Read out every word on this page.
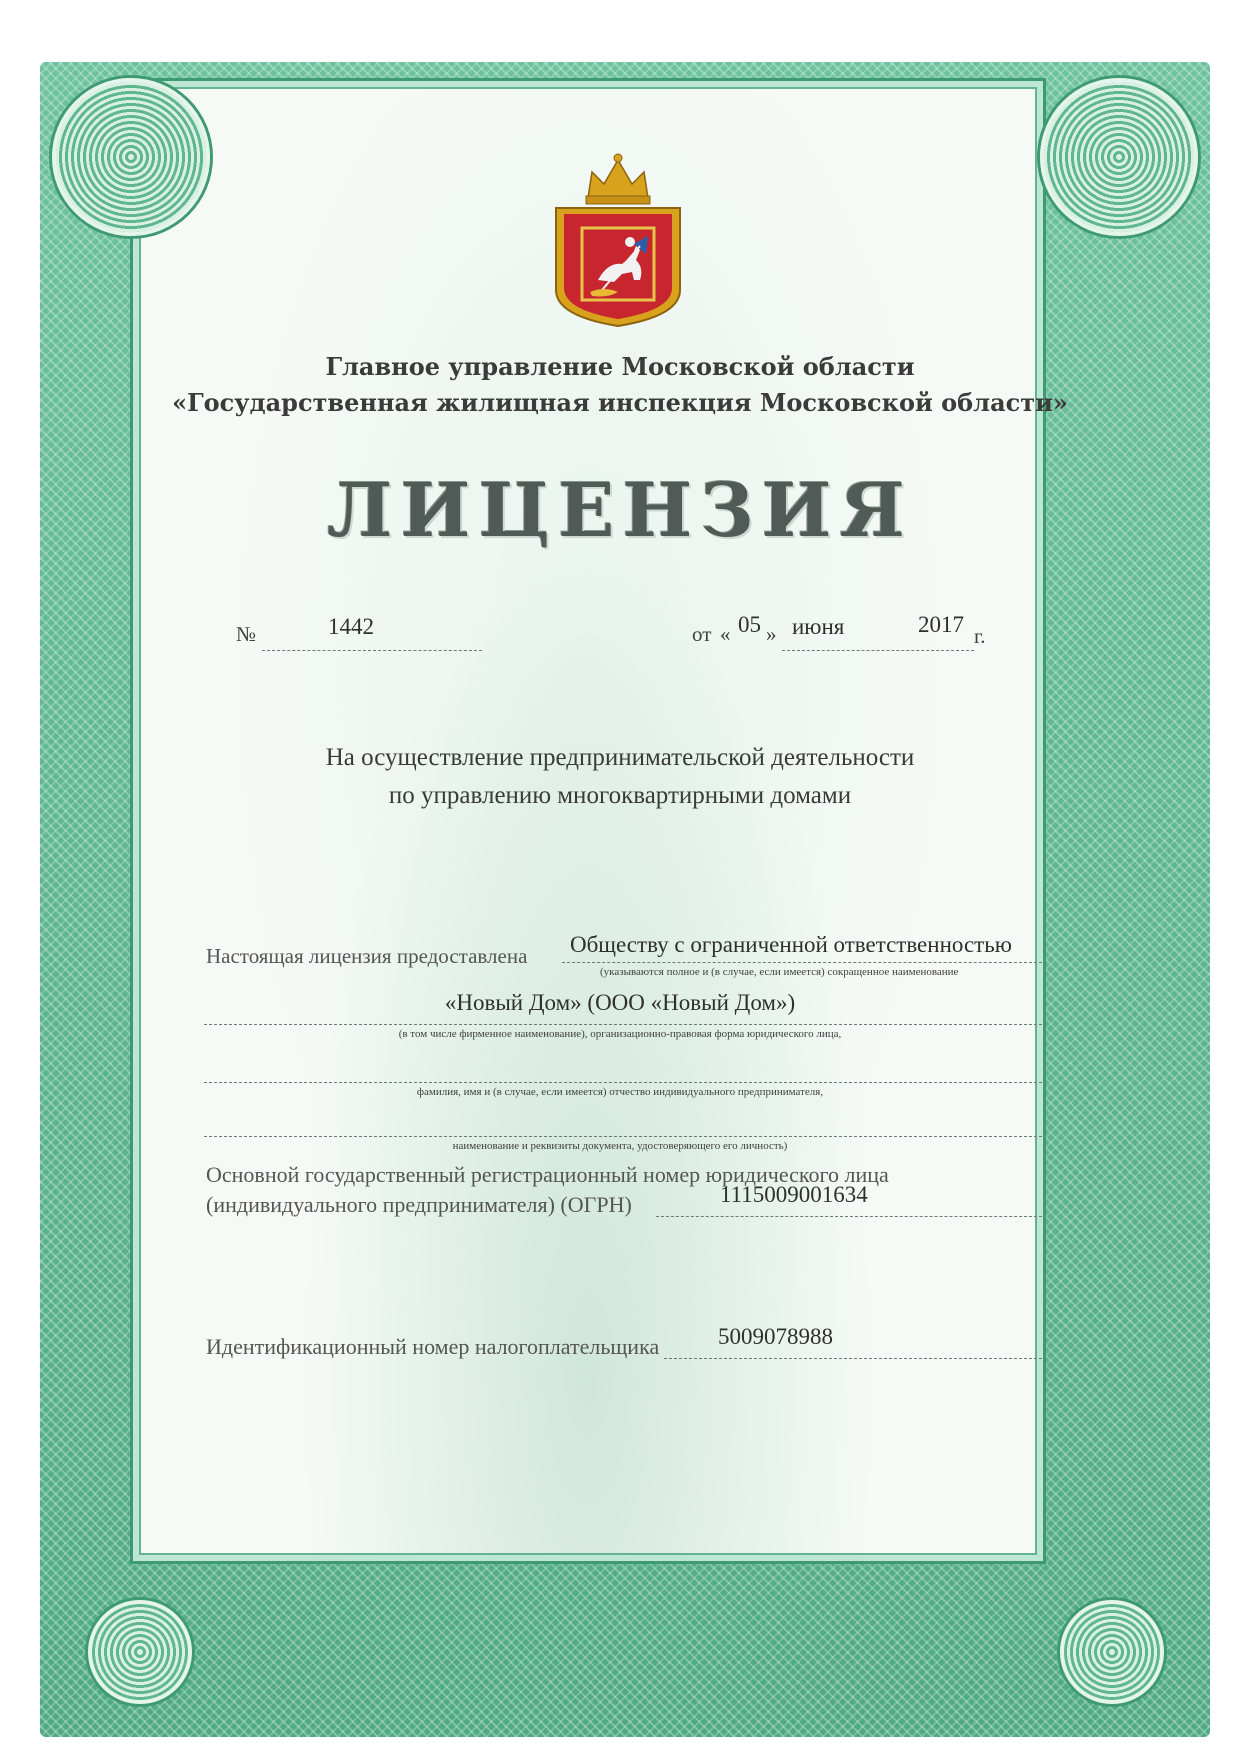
Главное управление Московской области
«Государственная жилищная инспекция Московской области»
ЛИЦЕНЗИЯ
№	1442	от « 05 » июня	2017 г.
На осуществление предпринимательской деятельности
по управлению многоквартирными домами
Настоящая лицензия предоставлена Обществу с ограниченной ответственностью
(указываются полное и (в случае, если имеется) сокращенное наименование
«Новый Дом» (ООО «Новый Дом»)
(в том числе фирменное наименование), организационно-правовая форма юридического лица,
фамилия, имя и (в случае, если имеется) отчество индивидуального предпринимателя,
наименование и реквизиты документа, удостоверяющего его личность)
Основной государственный регистрационный номер юридического лица
(индивидуального предпринимателя) (ОГРН)	1115009001634
Идентификационный номер налогоплательщика	5009078988
